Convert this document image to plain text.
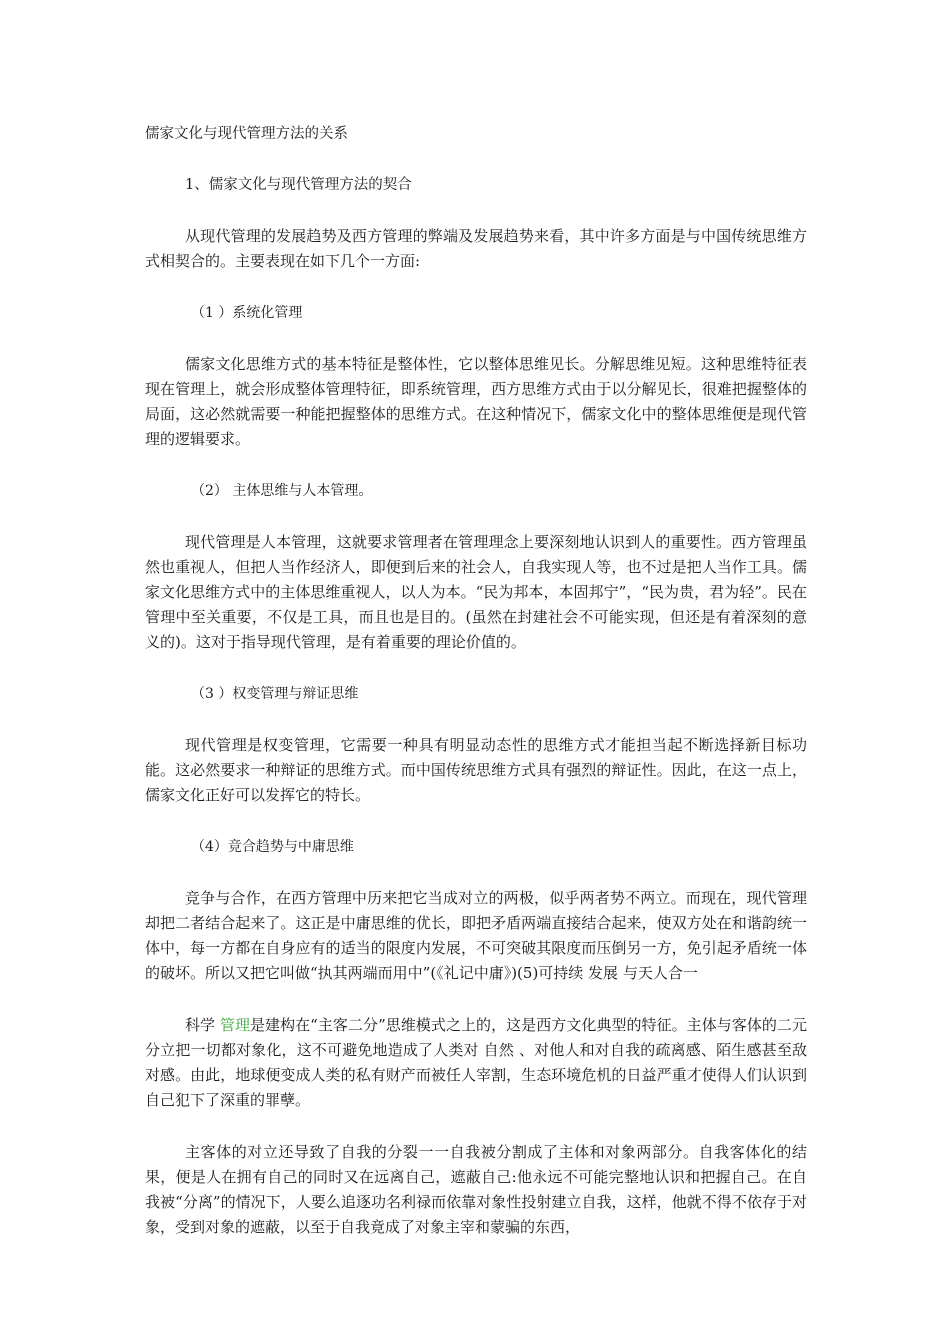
儒家文化与现代管理方法的关系

1、儒家文化与现代管理方法的契合

从现代管理的发展趋势及西方管理的弊端及发展趋势来看，其中许多方面是与中国传统思维方式相契合的。主要表现在如下几个一方面:

（1 ）系统化管理

儒家文化思维方式的基本特征是整体性，它以整体思维见长。分解思维见短。这种思维特征表现在管理上，就会形成整体管理特征，即系统管理，西方思维方式由于以分解见长，很难把握整体的局面，这必然就需要一种能把握整体的思维方式。在这种情况下，儒家文化中的整体思维便是现代管理的逻辑要求。

（2） 主体思维与人本管理。

现代管理是人本管理，这就要求管理者在管理理念上要深刻地认识到人的重要性。西方管理虽然也重视人，但把人当作经济人，即便到后来的社会人，自我实现人等，也不过是把人当作工具。儒家文化思维方式中的主体思维重视人，以人为本。“民为邦本，本固邦宁”，“民为贵，君为轻”。民在管理中至关重要，不仅是工具，而且也是目的。(虽然在封建社会不可能实现，但还是有着深刻的意义的)。这对于指导现代管理，是有着重要的理论价值的。

（3 ）权变管理与辩证思维

现代管理是权变管理，它需要一种具有明显动态性的思维方式才能担当起不断选择新目标功能。这必然要求一种辩证的思维方式。而中国传统思维方式具有强烈的辩证性。因此，在这一点上，儒家文化正好可以发挥它的特长。

（4）竞合趋势与中庸思维

竞争与合作，在西方管理中历来把它当成对立的两极，似乎两者势不两立。而现在，现代管理却把二者结合起来了。这正是中庸思维的优长，即把矛盾两端直接结合起来，使双方处在和谐韵统一体中，每一方都在自身应有的适当的限度内发展，不可突破其限度而压倒另一方，免引起矛盾统一体的破坏。所以又把它叫做“执其两端而用中”(《礼记中庸》)(5)可持续 发展 与天人合一

科学 管理是建构在“主客二分”思维模式之上的，这是西方文化典型的特征。主体与客体的二元分立把一切都对象化，这不可避免地造成了人类对 自然 、对他人和对自我的疏离感、陌生感甚至敌对感。由此，地球便变成人类的私有财产而被任人宰割，生态环境危机的日益严重才使得人们认识到自己犯下了深重的罪孽。

主客体的对立还导致了自我的分裂一一自我被分割成了主体和对象两部分。自我客体化的结果，便是人在拥有自己的同时又在远离自己，遮蔽自己:他永远不可能完整地认识和把握自己。在自我被“分离”的情况下，人要么追逐功名利禄而依靠对象性投射建立自我，这样，他就不得不依存于对象，受到对象的遮蔽，以至于自我竟成了对象主宰和蒙骗的东西，
